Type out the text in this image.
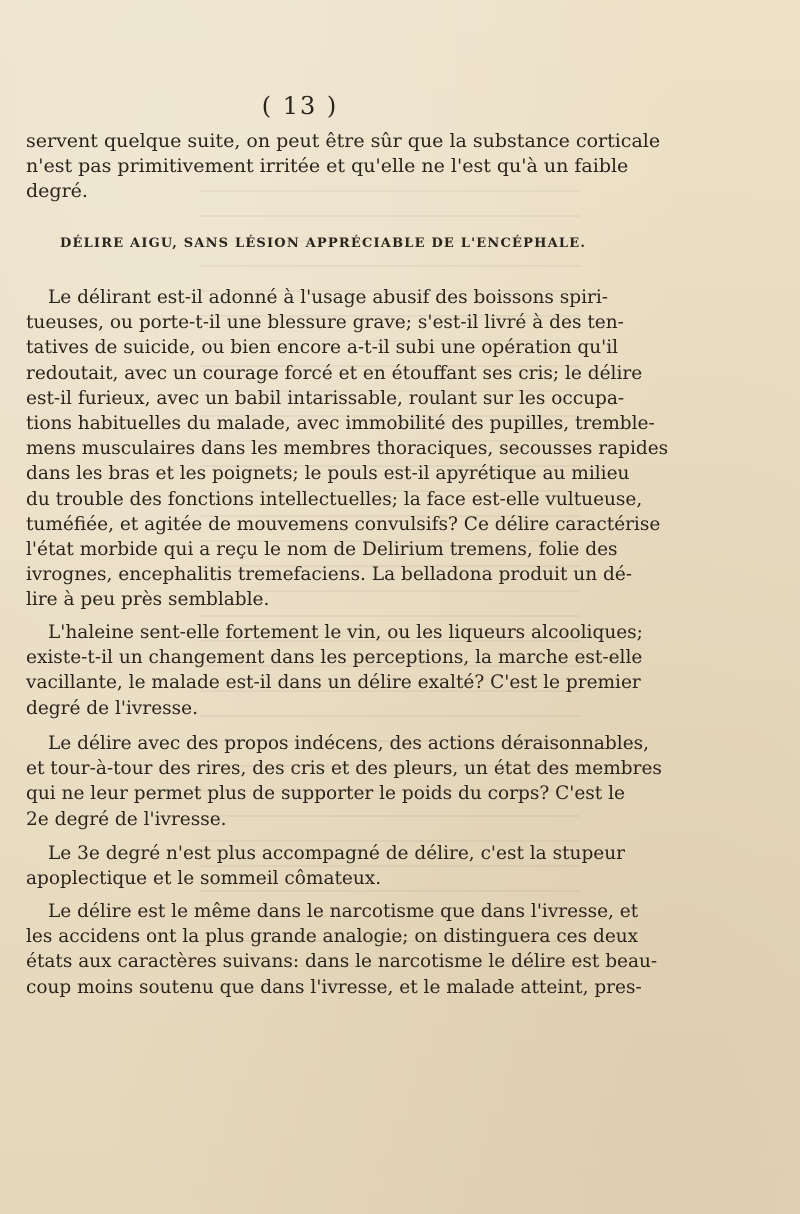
( 13 )
servent quelque suite, on peut être sûr que la substance corticale
n'est pas primitivement irritée et qu'elle ne l'est qu'à un faible
degré.
DÉLIRE AIGU, SANS LÉSION APPRÉCIABLE DE L'ENCÉPHALE.
Le délirant est-il adonné à l'usage abusif des boissons spiri-
tueuses, ou porte-t-il une blessure grave; s'est-il livré à des ten-
tatives de suicide, ou bien encore a-t-il subi une opération qu'il
redoutait, avec un courage forcé et en étouffant ses cris; le délire
est-il furieux, avec un babil intarissable, roulant sur les occupa-
tions habituelles du malade, avec immobilité des pupilles, tremble-
mens musculaires dans les membres thoraciques, secousses rapides
dans les bras et les poignets; le pouls est-il apyrétique au milieu
du trouble des fonctions intellectuelles; la face est-elle vultueuse,
tuméfiée, et agitée de mouvemens convulsifs? Ce délire caractérise
l'état morbide qui a reçu le nom de Delirium tremens, folie des
ivrognes, encephalitis tremefaciens. La belladona produit un dé-
lire à peu près semblable.
L'haleine sent-elle fortement le vin, ou les liqueurs alcooliques;
existe-t-il un changement dans les perceptions, la marche est-elle
vacillante, le malade est-il dans un délire exalté? C'est le premier
degré de l'ivresse.
Le délire avec des propos indécens, des actions déraisonnables,
et tour-à-tour des rires, des cris et des pleurs, un état des membres
qui ne leur permet plus de supporter le poids du corps? C'est le
2e degré de l'ivresse.
Le 3e degré n'est plus accompagné de délire, c'est la stupeur
apoplectique et le sommeil cômateux.
Le délire est le même dans le narcotisme que dans l'ivresse, et
les accidens ont la plus grande analogie; on distinguera ces deux
états aux caractères suivans: dans le narcotisme le délire est beau-
coup moins soutenu que dans l'ivresse, et le malade atteint, pres-
